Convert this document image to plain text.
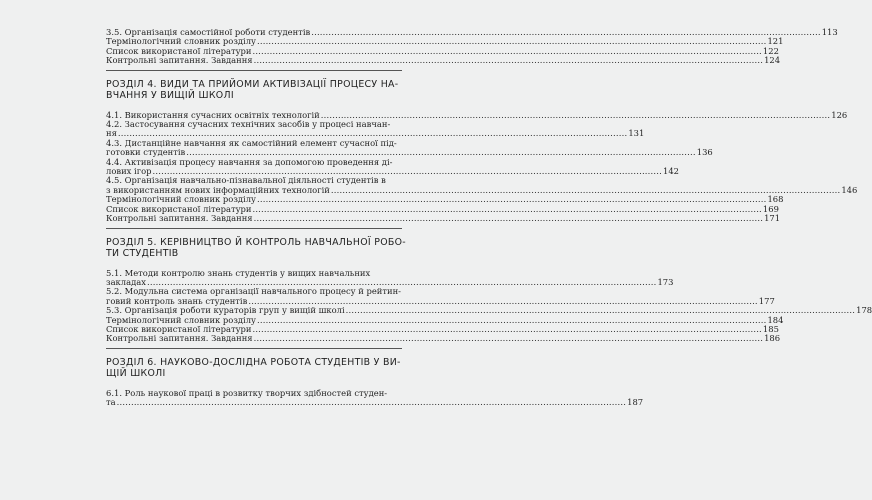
3.5. Організація самостійної роботи студентів .....	113
Термінологічний словник розділу .....	121
Список використаної літератури .....	122
Контрольні запитання. Завдання .....	124
РОЗДІЛ 4. ВИДИ ТА ПРИЙОМИ АКТИВІЗАЦІЇ ПРОЦЕСУ НА-
ВЧАННЯ У ВИЩІЙ ШКОЛІ
4.1. Використання сучасних освітніх технологій .....	126
4.2. Застосування сучасних технічних засобів у процесі навчан-
ня .....	131
4.3. Дистанційне навчання як самостійний елемент сучасної під-
готовки студентів .....	136
4.4. Активізація процесу навчання за допомогою проведення ді-
лових ігор .....	142
4.5. Організація навчально-пізнавальної діяльності студентів в
з використанням нових інформаційних технологій .....	146
Термінологічний словник розділу .....	168
Список використаної літератури .....	169
Контрольні запитання. Завдання .....	171
РОЗДІЛ 5. КЕРІВНИЦТВО Й КОНТРОЛЬ НАВЧАЛЬНОЇ РОБО-
ТИ СТУДЕНТІВ
5.1. Методи контролю знань студентів у вищих навчальних
закладах .....	173
5.2. Модульна система організації навчального процесу й рейтин-
говий контроль знань студентів .....	177
5.3. Організація роботи кураторів груп у вищій школі .....	178
Термінологічний словник розділу .....	184
Список використаної літератури .....	185
Контрольні запитання. Завдання .....	186
РОЗДІЛ 6. НАУКОВО-ДОСЛІДНА РОБОТА СТУДЕНТІВ У ВИ-
ЩІЙ ШКОЛІ
6.1. Роль наукової праці в розвитку творчих здібностей студен-
та .....	187
